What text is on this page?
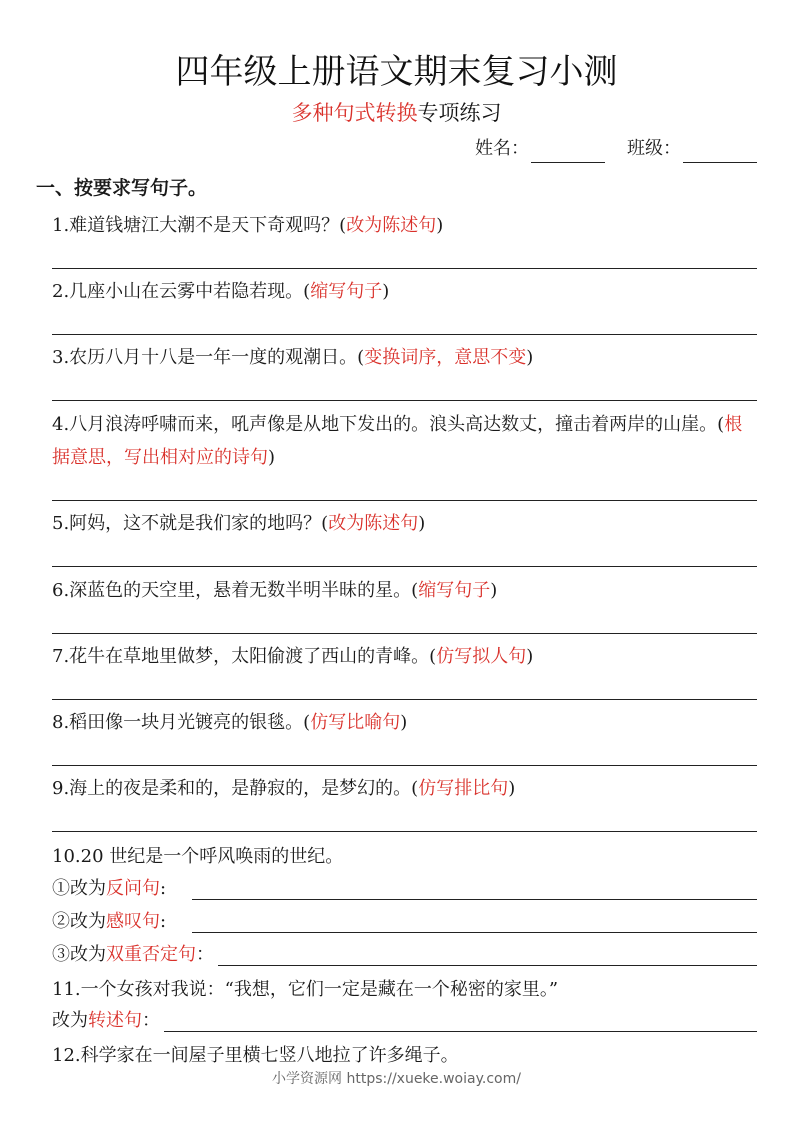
四年级上册语文期末复习小测
多种句式转换专项练习
姓名：	班级：
一、按要求写句子。
1.难道钱塘江大潮不是天下奇观吗？(改为陈述句)
2.几座小山在云雾中若隐若现。(缩写句子)
3.农历八月十八是一年一度的观潮日。(变换词序，意思不变)
4.八月浪涛呼啸而来，吼声像是从地下发出的。浪头高达数丈，撞击着两岸的山崖。(根据意思，写出相对应的诗句)
5.阿妈，这不就是我们家的地吗？(改为陈述句)
6.深蓝色的天空里，悬着无数半明半昧的星。(缩写句子)
7.花牛在草地里做梦，太阳偷渡了西山的青峰。(仿写拟人句)
8.稻田像一块月光镀亮的银毯。(仿写比喻句)
9.海上的夜是柔和的，是静寂的，是梦幻的。(仿写排比句)
10.20 世纪是一个呼风唤雨的世纪。
①改为 反问句 :
②改为 感叹句 :
③改为 双重否定句 ：
11.一个女孩对我说：“我想，它们一定是藏在一个秘密的家里。”
改为 转述句 ：
12.科学家在一间屋子里横七竖八地拉了许多绳子。
小学资源网 https://xueke.woiay.com/
